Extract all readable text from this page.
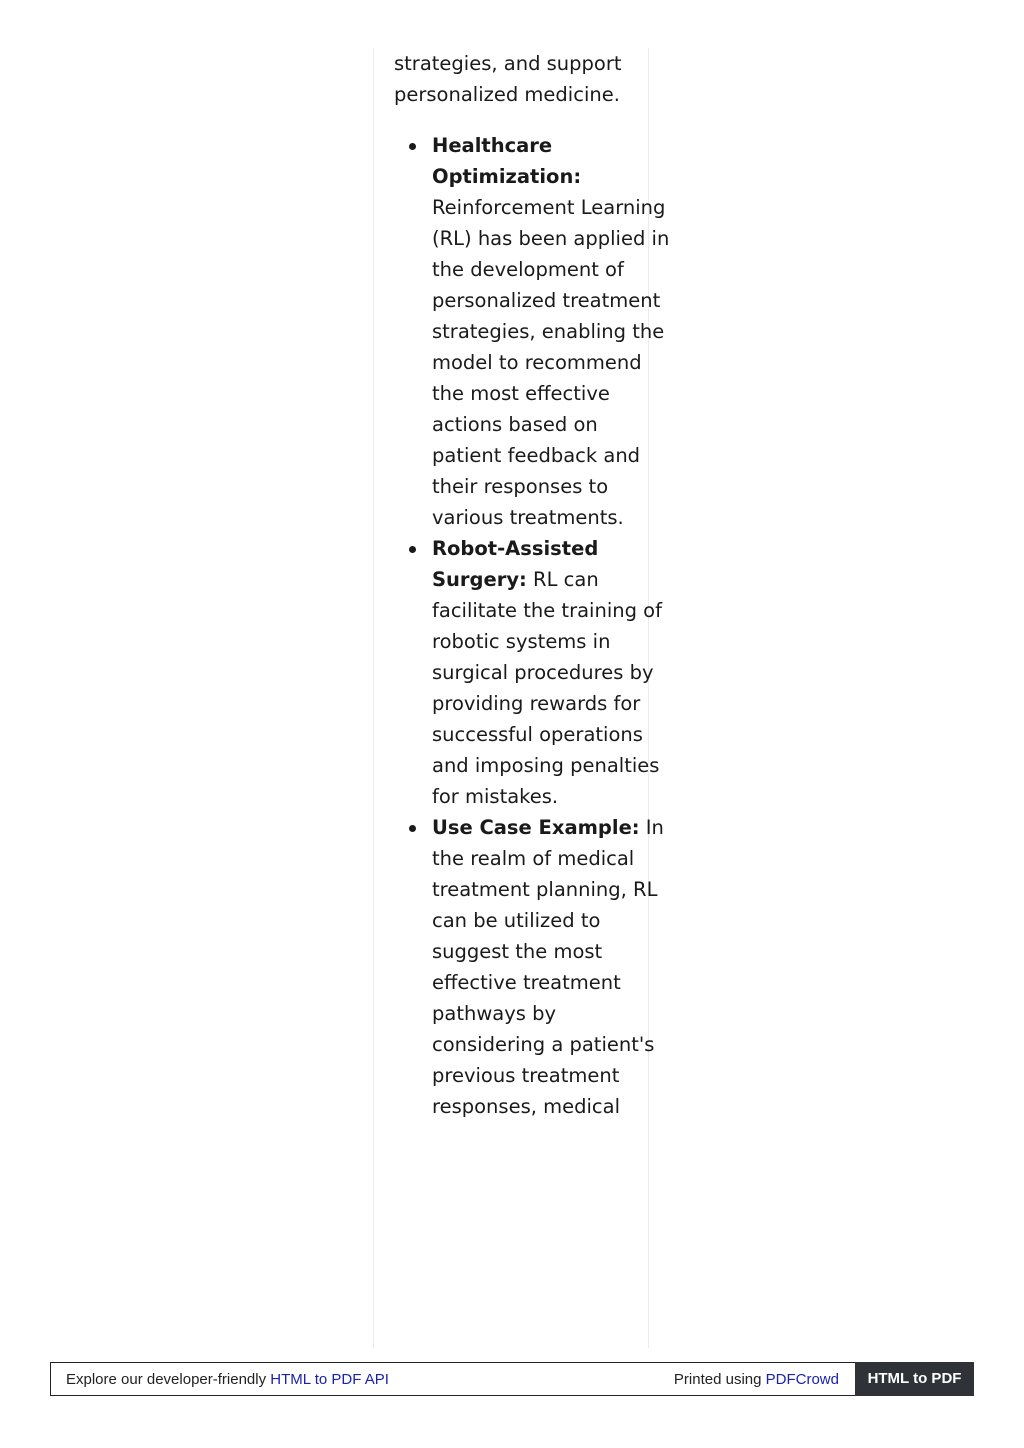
strategies, and support personalized medicine.

Healthcare Optimization: Reinforcement Learning (RL) has been applied in the development of personalized treatment strategies, enabling the model to recommend the most effective actions based on patient feedback and their responses to various treatments.
Robot-Assisted Surgery: RL can facilitate the training of robotic systems in surgical procedures by providing rewards for successful operations and imposing penalties for mistakes.
Use Case Example: In the realm of medical treatment planning, RL can be utilized to suggest the most effective treatment pathways by considering a patient's previous treatment responses, medical
Explore our developer-friendly HTML to PDF API	Printed using PDFCrowd	HTML to PDF
